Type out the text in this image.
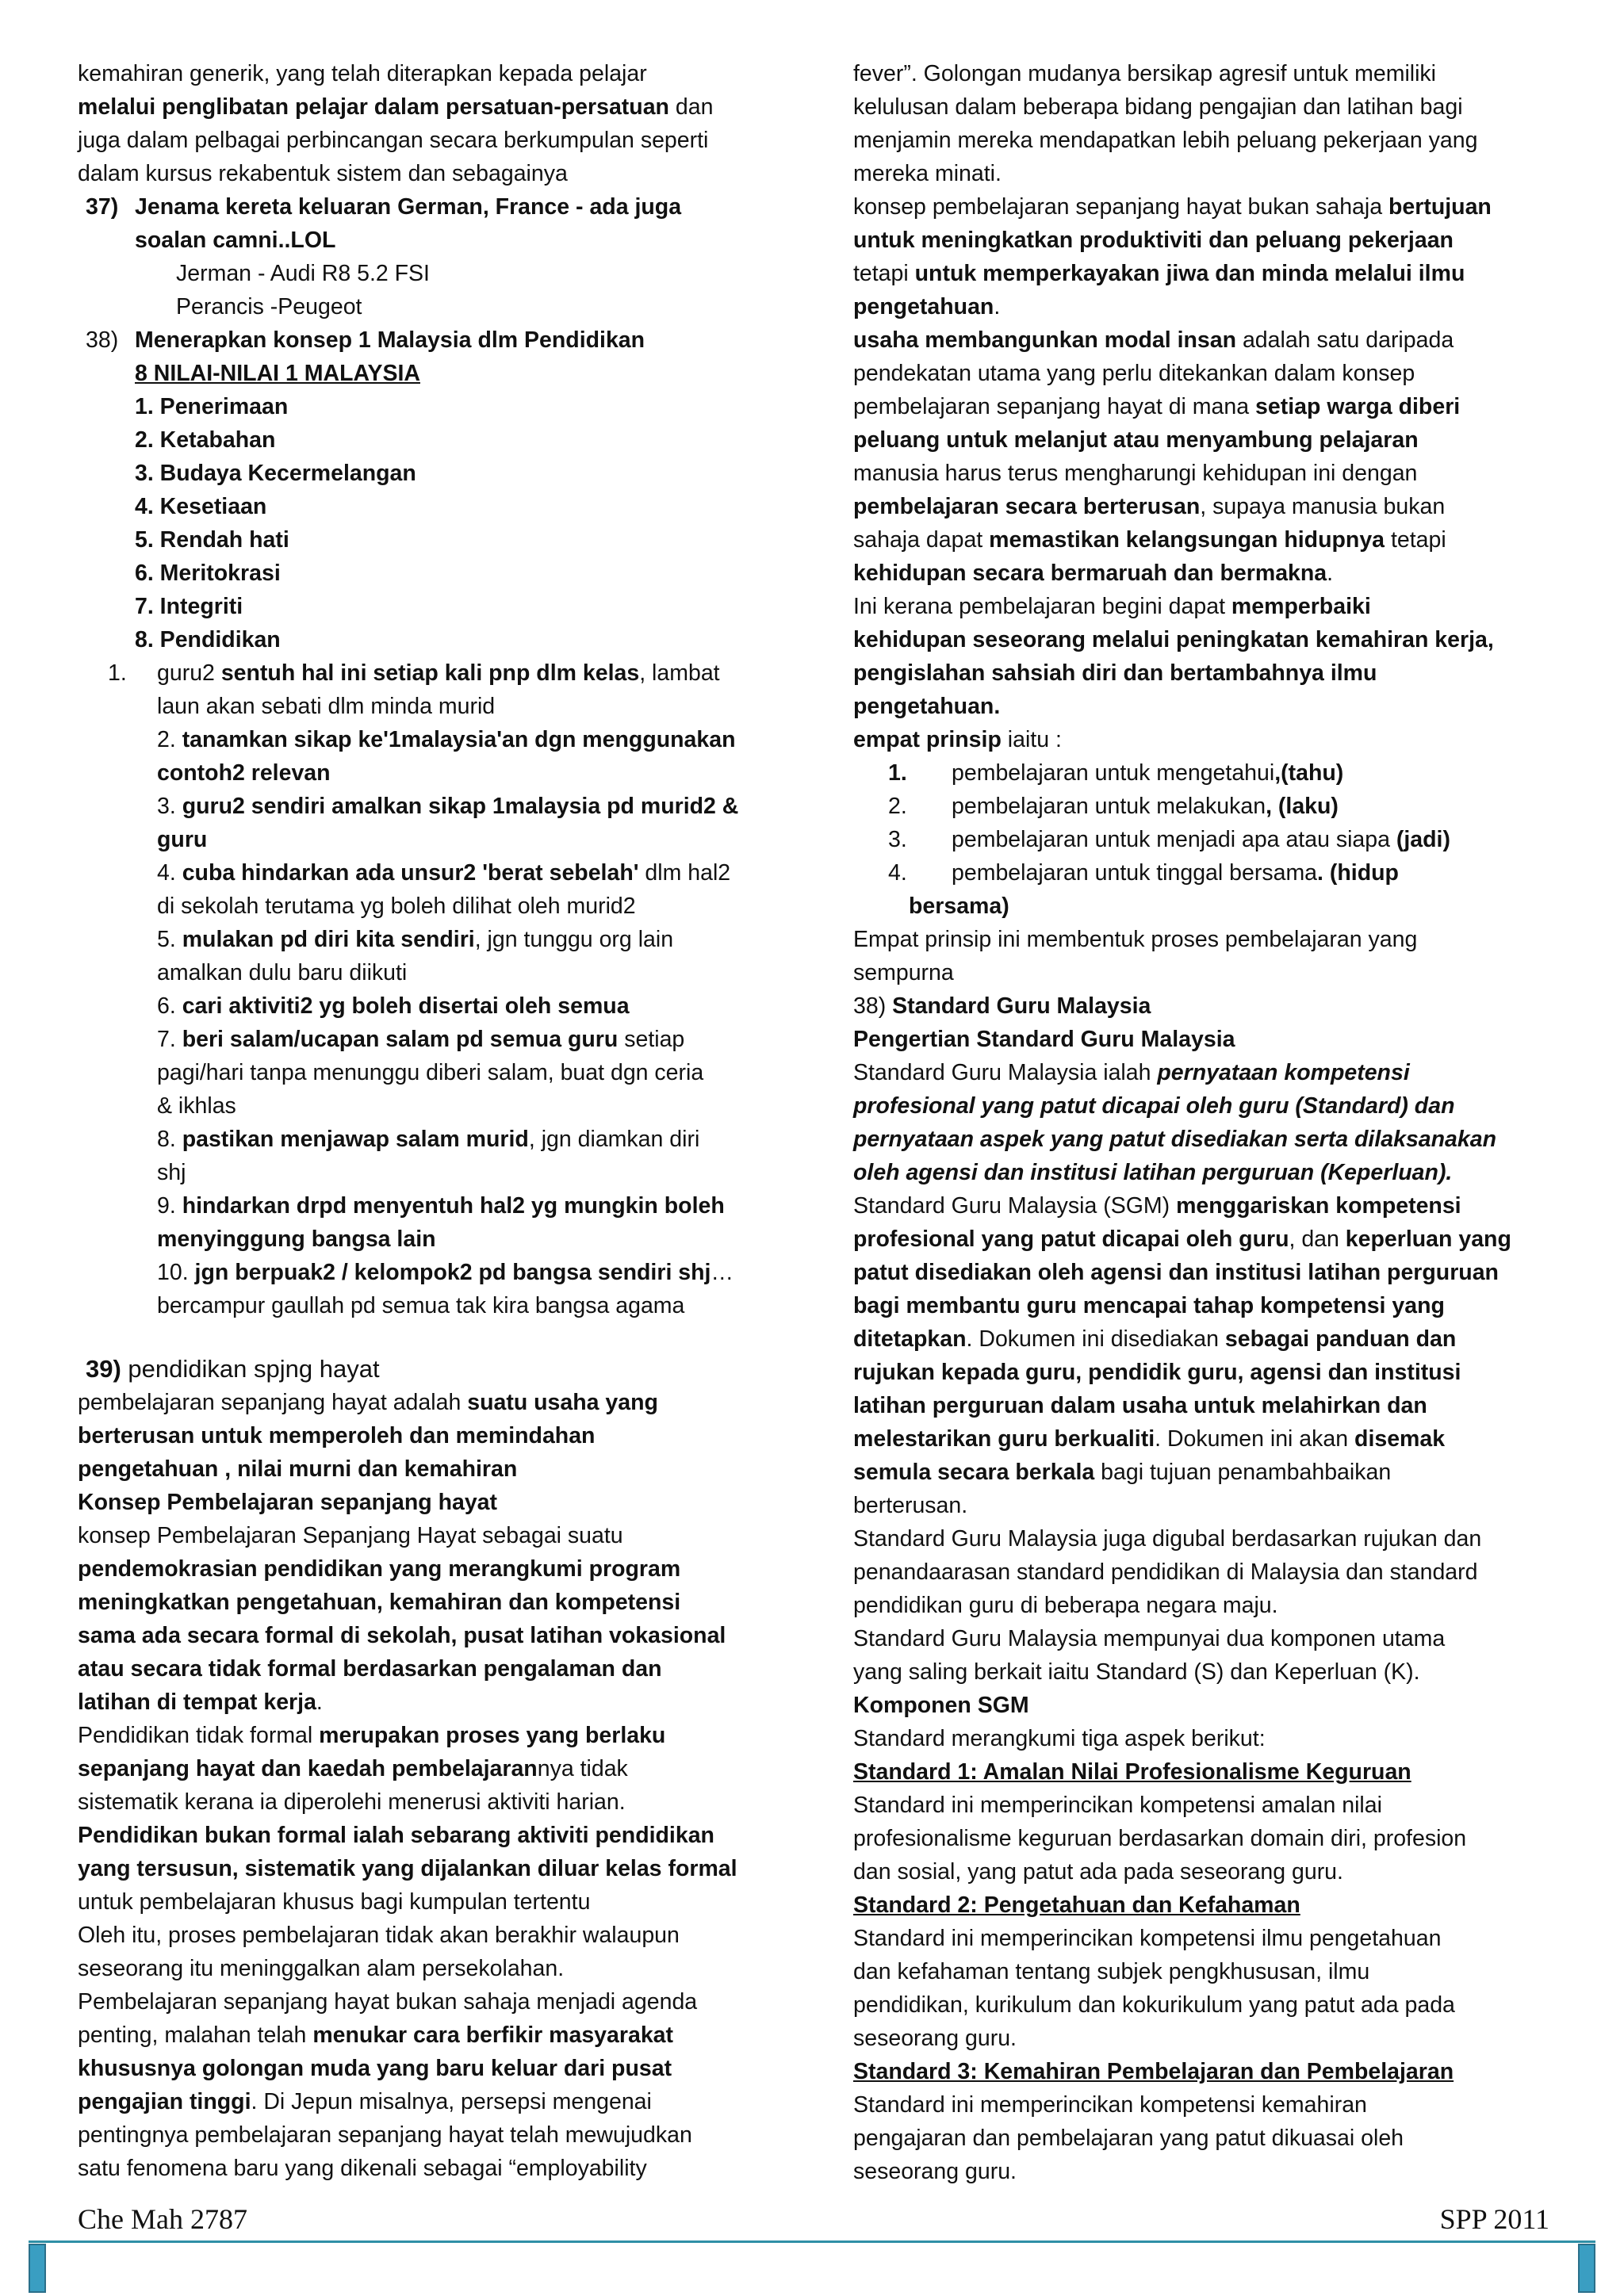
kemahiran generik, yang telah diterapkan kepada pelajar

melalui penglibatan pelajar dalam persatuan-persatuan dan

juga dalam pelbagai perbincangan secara berkumpulan seperti

dalam kursus rekabentuk sistem dan sebagainya

37) Jenama kereta keluaran German, France - ada juga

soalan camni..LOL

Jerman - Audi R8 5.2 FSI

Perancis -Peugeot

38) Menerapkan konsep 1 Malaysia dlm Pendidikan

8 NILAI-NILAI 1 MALAYSIA

1. Penerimaan

2. Ketabahan

3. Budaya Kecermelangan

4. Kesetiaan

5. Rendah hati

6. Meritokrasi

7. Integriti

8. Pendidikan

1. guru2 sentuh hal ini setiap kali pnp dlm kelas, lambat

laun akan sebati dlm minda murid

2. tanamkan sikap ke'1malaysia'an dgn menggunakan

contoh2 relevan

3. guru2 sendiri amalkan sikap 1malaysia pd murid2 &

guru

4. cuba hindarkan ada unsur2 'berat sebelah' dlm hal2

di sekolah terutama yg boleh dilihat oleh murid2

5. mulakan pd diri kita sendiri, jgn tunggu org lain

amalkan dulu baru diikuti

6. cari aktiviti2 yg boleh disertai oleh semua

7. beri salam/ucapan salam pd semua guru setiap

pagi/hari tanpa menunggu diberi salam, buat dgn ceria

& ikhlas

8. pastikan menjawap salam murid, jgn diamkan diri

shj

9. hindarkan drpd menyentuh hal2 yg mungkin boleh

menyinggung bangsa lain

10. jgn berpuak2 / kelompok2 pd bangsa sendiri shj…

bercampur gaullah pd semua tak kira bangsa agama

39) pendidikan spjng hayat

pembelajaran sepanjang hayat adalah suatu usaha yang

berterusan untuk memperoleh dan memindahan

pengetahuan , nilai murni dan kemahiran

Konsep Pembelajaran sepanjang hayat

konsep Pembelajaran Sepanjang Hayat sebagai suatu

pendemokrasian pendidikan yang merangkumi program

meningkatkan pengetahuan, kemahiran dan kompetensi

sama ada secara formal di sekolah, pusat latihan vokasional

atau secara tidak formal berdasarkan pengalaman dan

latihan di tempat kerja.

Pendidikan tidak formal merupakan proses yang berlaku

sepanjang hayat dan kaedah pembelajarannya tidak

sistematik kerana ia diperolehi menerusi aktiviti harian.

Pendidikan bukan formal ialah sebarang aktiviti pendidikan

yang tersusun, sistematik yang dijalankan diluar kelas formal

untuk pembelajaran khusus bagi kumpulan tertentu

Oleh itu, proses pembelajaran tidak akan berakhir walaupun

seseorang itu meninggalkan alam persekolahan.

Pembelajaran sepanjang hayat bukan sahaja menjadi agenda

penting, malahan telah menukar cara berfikir masyarakat

khususnya golongan muda yang baru keluar dari pusat

pengajian tinggi. Di Jepun misalnya, persepsi mengenai

pentingnya pembelajaran sepanjang hayat telah mewujudkan

satu fenomena baru yang dikenali sebagai “employability

fever”. Golongan mudanya bersikap agresif untuk memiliki

kelulusan dalam beberapa bidang pengajian dan latihan bagi

menjamin mereka mendapatkan lebih peluang pekerjaan yang

mereka minati.

konsep pembelajaran sepanjang hayat bukan sahaja bertujuan

untuk meningkatkan produktiviti dan peluang pekerjaan

tetapi untuk memperkayakan jiwa dan minda melalui ilmu

pengetahuan.

usaha membangunkan modal insan adalah satu daripada

pendekatan utama yang perlu ditekankan dalam konsep

pembelajaran sepanjang hayat di mana setiap warga diberi

peluang untuk melanjut atau menyambung pelajaran

manusia harus terus mengharungi kehidupan ini dengan

pembelajaran secara berterusan, supaya manusia bukan

sahaja dapat memastikan kelangsungan hidupnya tetapi

kehidupan secara bermaruah dan bermakna.

Ini kerana pembelajaran begini dapat memperbaiki

kehidupan seseorang melalui peningkatan kemahiran kerja,

pengislahan sahsiah diri dan bertambahnya ilmu

pengetahuan.

empat prinsip iaitu :

1. pembelajaran untuk mengetahui,(tahu)

2. pembelajaran untuk melakukan, (laku)

3. pembelajaran untuk menjadi apa atau siapa (jadi)

4. pembelajaran untuk tinggal bersama. (hidup

bersama)

Empat prinsip ini membentuk proses pembelajaran yang

sempurna

38) Standard Guru Malaysia

Pengertian Standard Guru Malaysia

Standard Guru Malaysia ialah pernyataan kompetensi

profesional yang patut dicapai oleh guru (Standard) dan

pernyataan aspek yang patut disediakan serta dilaksanakan

oleh agensi dan institusi latihan perguruan (Keperluan).

Standard Guru Malaysia (SGM) menggariskan kompetensi

profesional yang patut dicapai oleh guru, dan keperluan yang

patut disediakan oleh agensi dan institusi latihan perguruan

bagi membantu guru mencapai tahap kompetensi yang

ditetapkan. Dokumen ini disediakan sebagai panduan dan

rujukan kepada guru, pendidik guru, agensi dan institusi

latihan perguruan dalam usaha untuk melahirkan dan

melestarikan guru berkualiti. Dokumen ini akan disemak

semula secara berkala bagi tujuan penambahbaikan

berterusan.

Standard Guru Malaysia juga digubal berdasarkan rujukan dan

penandaarasan standard pendidikan di Malaysia dan standard

pendidikan guru di beberapa negara maju.

Standard Guru Malaysia mempunyai dua komponen utama

yang saling berkait iaitu Standard (S) dan Keperluan (K).

Komponen SGM

Standard merangkumi tiga aspek berikut:

Standard 1: Amalan Nilai Profesionalisme Keguruan

Standard ini memperincikan kompetensi amalan nilai

profesionalisme keguruan berdasarkan domain diri, profesion

dan sosial, yang patut ada pada seseorang guru.

Standard 2: Pengetahuan dan Kefahaman

Standard ini memperincikan kompetensi ilmu pengetahuan

dan kefahaman tentang subjek pengkhususan, ilmu

pendidikan, kurikulum dan kokurikulum yang patut ada pada

seseorang guru.

Standard 3: Kemahiran Pembelajaran dan Pembelajaran

Standard ini memperincikan kompetensi kemahiran

pengajaran dan pembelajaran yang patut dikuasai oleh

seseorang guru.

Che Mah 2787	SPP 2011
